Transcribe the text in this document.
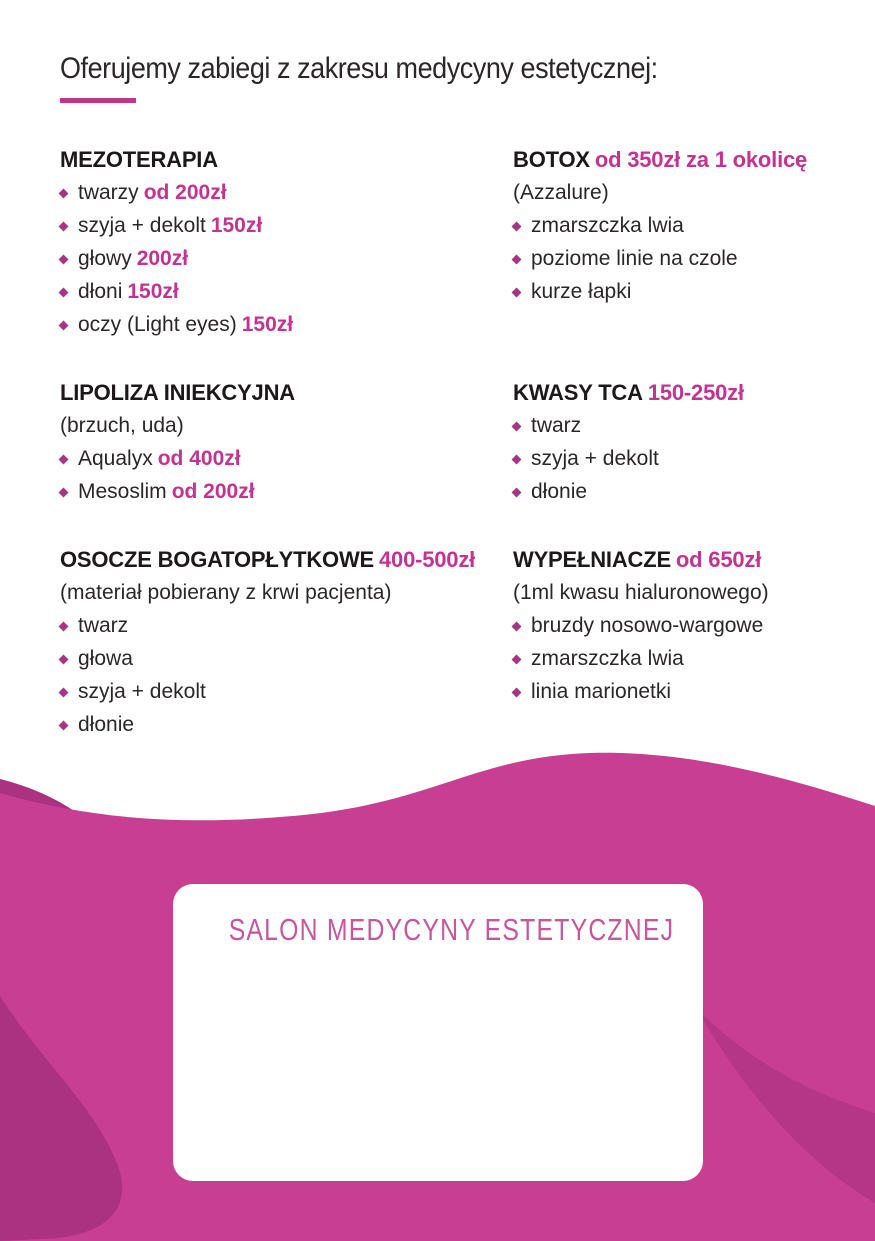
Oferujemy zabiegi z zakresu medycyny estetycznej:
MEZOTERAPIA
twarzy od 200zł
szyja + dekolt 150zł
głowy 200zł
dłoni 150zł
oczy (Light eyes) 150zł
BOTOX od 350zł za 1 okolicę
(Azzalure)
zmarszczka lwia
poziome linie na czole
kurze łapki
LIPOLIZA INIEKCYJNA
(brzuch, uda)
Aqualyx od 400zł
Mesoslim od 200zł
KWASY TCA 150-250zł
twarz
szyja + dekolt
dłonie
OSOCZE BOGATOPŁYTKOWE 400-500zł
(materiał pobierany z krwi pacjenta)
twarz
głowa
szyja + dekolt
dłonie
WYPEŁNIACZE od 650zł
(1ml kwasu hialuronowego)
bruzdy nosowo-wargowe
zmarszczka lwia
linia marionetki
SALON MEDYCYNY ESTETYCZNEJ
